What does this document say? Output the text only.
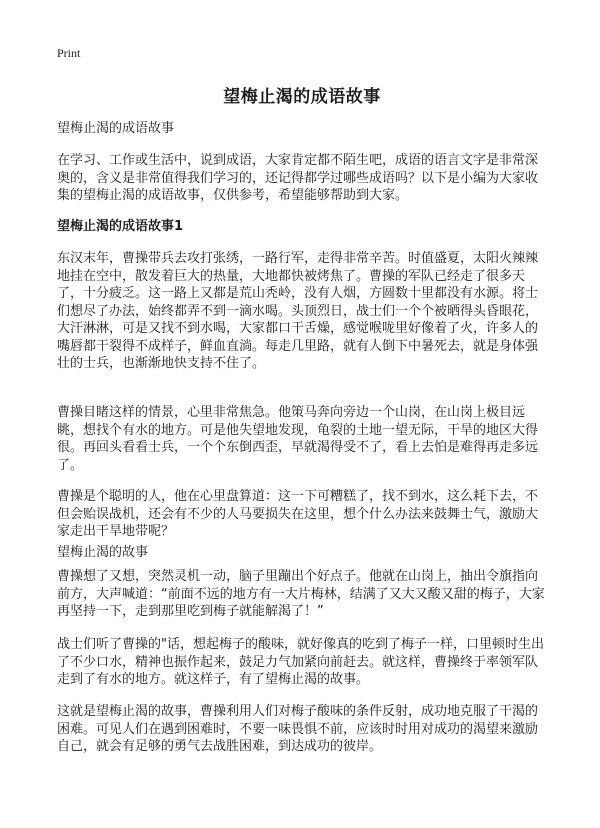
Print
望梅止渴的成语故事

望梅止渴的成语故事

在学习、工作或生活中，说到成语，大家肯定都不陌生吧，成语的语言文字是非常深奥的，含义是非常值得我们学习的，还记得都学过哪些成语吗？以下是小编为大家收集的望梅止渴的成语故事，仅供参考，希望能够帮助到大家。

望梅止渴的成语故事1

东汉末年，曹操带兵去攻打张绣，一路行军，走得非常辛苦。时值盛夏，太阳火辣辣地挂在空中，散发着巨大的热量，大地都快被烤焦了。曹操的军队已经走了很多天了，十分疲乏。这一路上又都是荒山秃岭，没有人烟，方圆数十里都没有水源。将士们想尽了办法，始终都弄不到一滴水喝。头顶烈日，战士们一个个被晒得头昏眼花，大汗淋淋，可是又找不到水喝，大家都口干舌燥，感觉喉咙里好像着了火，许多人的嘴唇都干裂得不成样子，鲜血直淌。每走几里路，就有人倒下中暑死去，就是身体强壮的士兵，也渐渐地快支持不住了。

曹操目睹这样的情景，心里非常焦急。他策马奔向旁边一个山岗，在山岗上极目远眺，想找个有水的地方。可是他失望地发现，龟裂的土地一望无际，干旱的地区大得很。再回头看看士兵，一个个东倒西歪，早就渴得受不了，看上去怕是难得再走多远了。

曹操是个聪明的人，他在心里盘算道：这一下可糟糕了，找不到水，这么耗下去，不但会贻误战机，还会有不少的人马要损失在这里，想个什么办法来鼓舞士气，激励大家走出干旱地带呢？

望梅止渴的故事

曹操想了又想，突然灵机一动，脑子里蹦出个好点子。他就在山岗上，抽出令旗指向前方，大声喊道：“前面不远的地方有一大片梅林，结满了又大又酸又甜的梅子，大家再坚持一下，走到那里吃到梅子就能解渴了！”

战士们听了曹操的"话，想起梅子的酸味，就好像真的吃到了梅子一样，口里顿时生出了不少口水，精神也振作起来，鼓足力气加紧向前赶去。就这样，曹操终于率领军队走到了有水的地方。就这样子，有了望梅止渴的故事。

这就是望梅止渴的故事，曹操利用人们对梅子酸味的条件反射，成功地克服了干渴的困难。可见人们在遇到困难时，不要一味畏惧不前，应该时时用对成功的渴望来激励自己，就会有足够的勇气去战胜困难，到达成功的彼岸。
